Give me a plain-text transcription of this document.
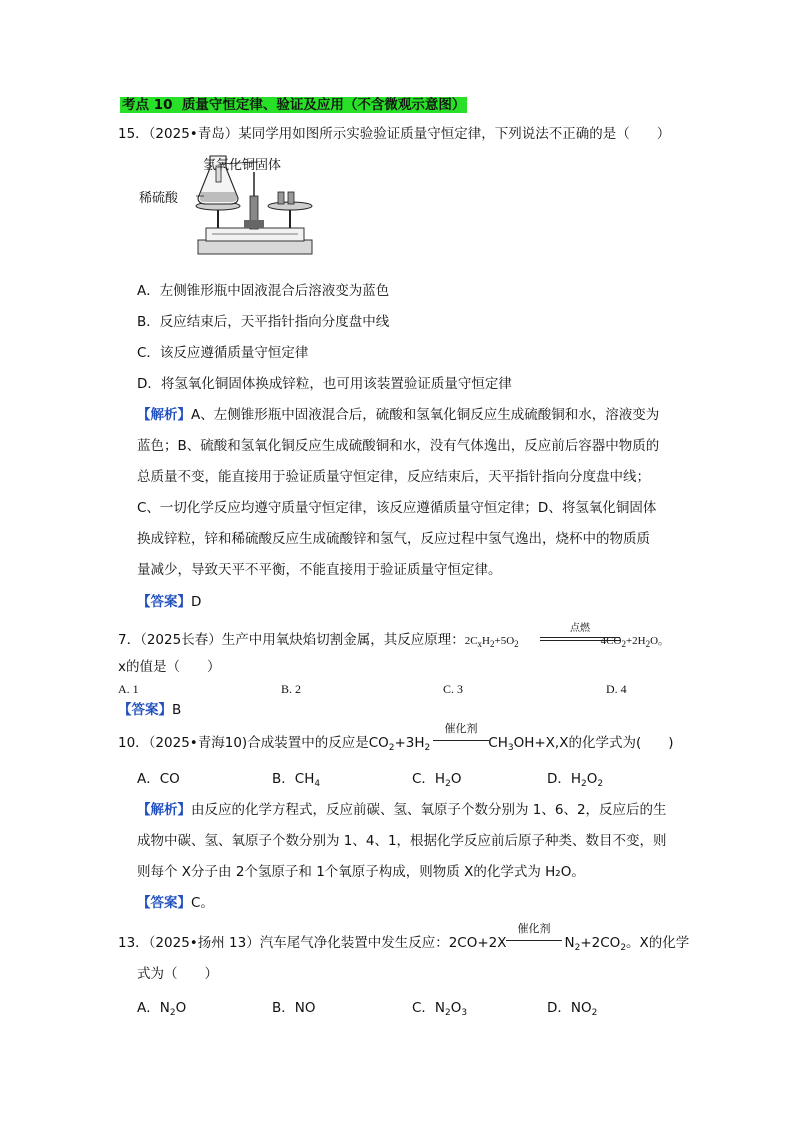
考点 10 质量守恒定律、验证及应用（不含微观示意图）
15．（2025•青岛）某同学用如图所示实验验证质量守恒定律，下列说法不正确的是（　　）
氢氧化铜固体
稀硫酸
A．左侧锥形瓶中固液混合后溶液变为蓝色
B．反应结束后，天平指针指向分度盘中线
C．该反应遵循质量守恒定律
D．将氢氧化铜固体换成锌粒，也可用该装置验证质量守恒定律
【解析】A、左侧锥形瓶中固液混合后，硫酸和氢氧化铜反应生成硫酸铜和水，溶液变为
蓝色；B、硫酸和氢氧化铜反应生成硫酸铜和水，没有气体逸出，反应前后容器中物质的
总质量不变，能直接用于验证质量守恒定律，反应结束后，天平指针指向分度盘中线；
C、一切化学反应均遵守质量守恒定律，该反应遵循质量守恒定律；D、将氢氧化铜固体
换成锌粒，锌和稀硫酸反应生成硫酸锌和氢气，反应过程中氢气逸出，烧杯中的物质质
量减少，导致天平不平衡，不能直接用于验证质量守恒定律。
【答案】D
7．（2025长春）生产中用氧炔焰切割金属，其反应原理：$2C_xH_2+5O_2$	$4CO_2+2H_2O$。
点燃
x的值是（　　）
A. 1	B. 2	C. 3	D. 4
【答案】B
10．（2025•青海10)合成装置中的反应是$CO_2+3H_2$	$CH_3OH+X,X$的化学式为(　　)
催化剂
A．CO	B．$CH_4$	C．$H_2O$	D．$H_2O_2$
【解析】由反应的化学方程式，反应前碳、氢、氧原子个数分别为 1、6、2，反应后的生
成物中碳、氢、氧原子个数分别为 1、4、1，根据化学反应前后原子种类、数目不变，则
则每个 X分子由 2个氢原子和 1个氧原子构成，则物质 X的化学式为 H₂O。
【答案】C。
13．（2025•扬州 13）汽车尾气净化装置中发生反应：2CO+2X	$N_2+2CO_2$。X的化学
催化剂
式为（　　）
A．$N_2O$	B．NO	C．$N_2O_3$	D．$NO_2$
